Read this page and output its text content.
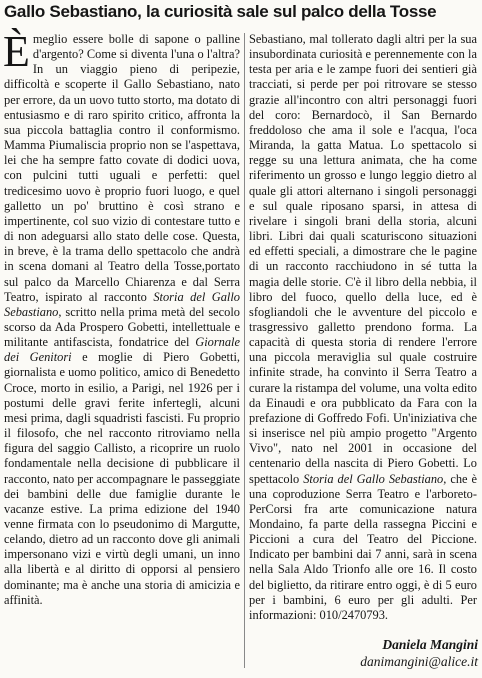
Gallo Sebastiano, la curiosità sale sul palco della Tosse

È meglio essere bolle di sapone o palline d'argento? Come si diventa l'una o l'altra? In un viaggio pieno di peripezie, difficoltà e scoperte il Gallo Sebastiano, nato per errore, da un uovo tutto storto, ma dotato di entusiasmo e di raro spirito critico, affronta la sua piccola battaglia contro il conformismo. Mamma Piumaliscia proprio non se l'aspettava, lei che ha sempre fatto covate di dodici uova, con pulcini tutti uguali e perfetti: quel tredicesimo uovo è proprio fuori luogo, e quel galletto un po' bruttino è così strano e impertinente, col suo vizio di contestare tutto e di non adeguarsi allo stato delle cose. Questa, in breve, è la trama dello spettacolo che andrà in scena domani al Teatro della Tosse,portato sul palco da Marcello Chiarenza e dal Serra Teatro, ispirato al racconto Storia del Gallo Sebastiano, scritto nella prima metà del secolo scorso da Ada Prospero Gobetti, intellettuale e militante antifascista, fondatrice del Giornale dei Genitori e moglie di Piero Gobetti, giornalista e uomo politico, amico di Benedetto Croce, morto in esilio, a Parigi, nel 1926 per i postumi delle gravi ferite infertegli, alcuni mesi prima, dagli squadristi fascisti. Fu proprio il filosofo, che nel racconto ritroviamo nella figura del saggio Callisto, a ricoprire un ruolo fondamentale nella decisione di pubblicare il racconto, nato per accompagnare le passeggiate dei bambini delle due famiglie durante le vacanze estive. La prima edizione del 1940 venne firmata con lo pseudonimo di Margutte, celando, dietro ad un racconto dove gli animali impersonano vizi e virtù degli umani, un inno alla libertà e al diritto di opporsi al pensiero dominante; ma è anche una storia di amicizia e affinità.

Sebastiano, mal tollerato dagli altri per la sua insubordinata curiosità e perennemente con la testa per aria e le zampe fuori dei sentieri già tracciati, si perde per poi ritrovare se stesso grazie all'incontro con altri personaggi fuori del coro: Bernardocò, il San Bernardo freddoloso che ama il sole e l'acqua, l'oca Miranda, la gatta Matua. Lo spettacolo si regge su una lettura animata, che ha come riferimento un grosso e lungo leggio dietro al quale gli attori alternano i singoli personaggi e sul quale riposano sparsi, in attesa di rivelare i singoli brani della storia, alcuni libri. Libri dai quali scaturiscono situazioni ed effetti speciali, a dimostrare che le pagine di un racconto racchiudono in sé tutta la magia delle storie. C'è il libro della nebbia, il libro del fuoco, quello della luce, ed è sfogliandoli che le avventure del piccolo e trasgressivo galletto prendono forma. La capacità di questa storia di rendere l'errore una piccola meraviglia sul quale costruire infinite strade, ha convinto il Serra Teatro a curare la ristampa del volume, una volta edito da Einaudi e ora pubblicato da Fara con la prefazione di Goffredo Fofi. Un'iniziativa che si inserisce nel più ampio progetto "Argento Vivo", nato nel 2001 in occasione del centenario della nascita di Piero Gobetti. Lo spettacolo Storia del Gallo Sebastiano, che è una coproduzione Serra Teatro e l'arboreto- PerCorsi fra arte comunicazione natura Mondaino, fa parte della rassegna Piccini e Piccioni a cura del Teatro del Piccione. Indicato per bambini dai 7 anni, sarà in scena nella Sala Aldo Trionfo alle ore 16. Il costo del biglietto, da ritirare entro oggi, è di 5 euro per i bambini, 6 euro per gli adulti. Per informazioni: 010/2470793.

Daniela Mangini
danimangini@alice.it
